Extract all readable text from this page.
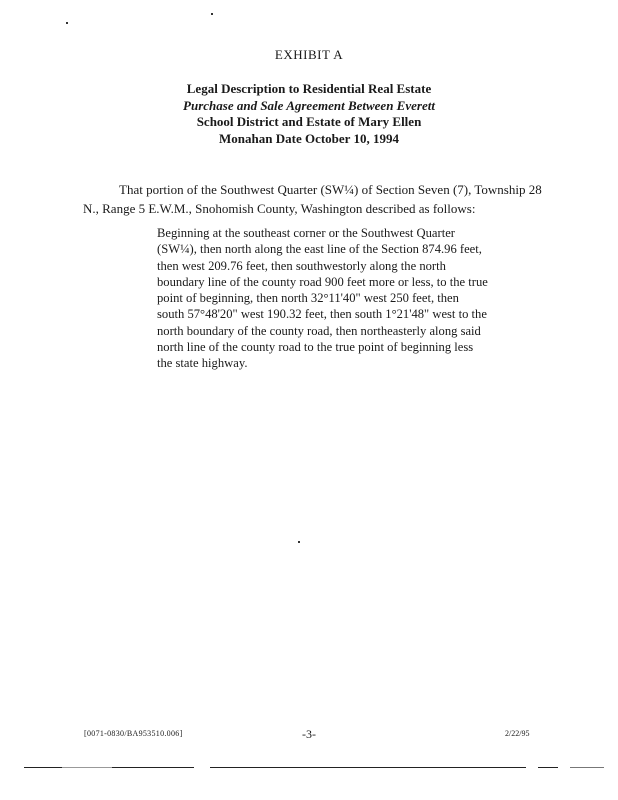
EXHIBIT A
Legal Description to Residential Real Estate
Purchase and Sale Agreement Between Everett
School District and Estate of Mary Ellen
Monahan Date October 10, 1994
That portion of the Southwest Quarter (SW¼) of Section Seven (7), Township 28 N., Range 5 E.W.M., Snohomish County, Washington described as follows:
Beginning at the southeast corner or the Southwest Quarter
(SW¼), then north along the east line of the Section 874.96 feet,
then west 209.76 feet, then southwestorly along the north
boundary line of the county road 900 feet more or less, to the true
point of beginning, then north 32°11'40" west 250 feet, then
south 57°48'20" west 190.32 feet, then south 1°21'48" west to the
north boundary of the county road, then northeasterly along said
north line of the county road to the true point of beginning less
the state highway.
[0071-0830/BA953510.006]	-3-	2/22/95
